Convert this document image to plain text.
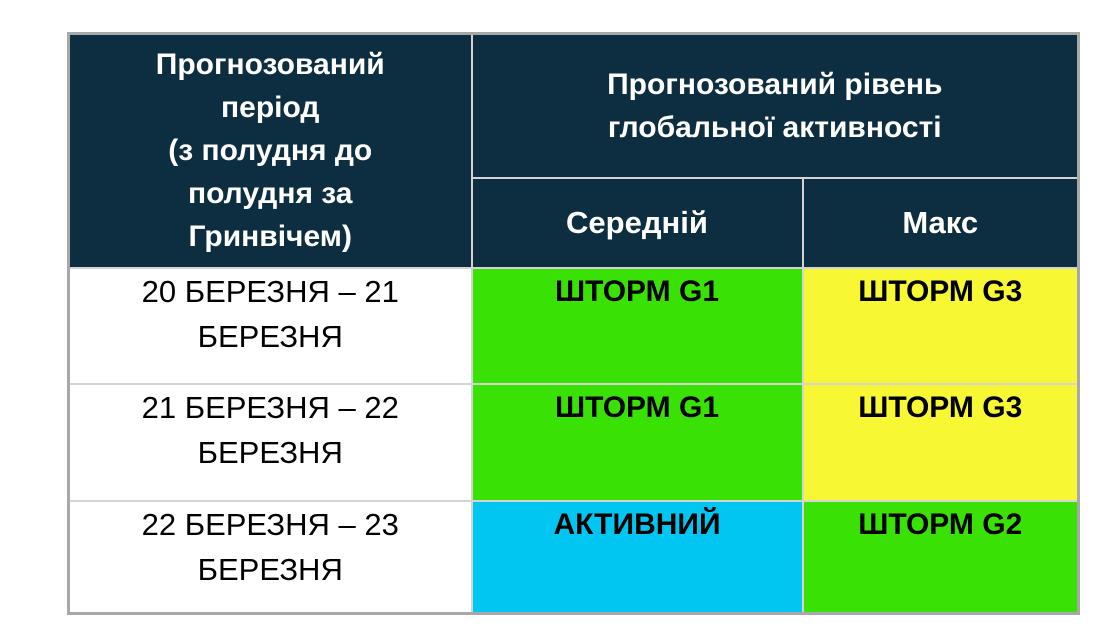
Прогнозований
період
(з полудня до
полудня за
Гринвічем)	Прогнозований рівень
глобальної активності	
	Середній	Макс
20 БЕРЕЗНЯ – 21
БЕРЕЗНЯ	ШТОРМ G1	ШТОРМ G3
21 БЕРЕЗНЯ – 22
БЕРЕЗНЯ	ШТОРМ G1	ШТОРМ G3
22 БЕРЕЗНЯ – 23
БЕРЕЗНЯ	АКТИВНИЙ	ШТОРМ G2
